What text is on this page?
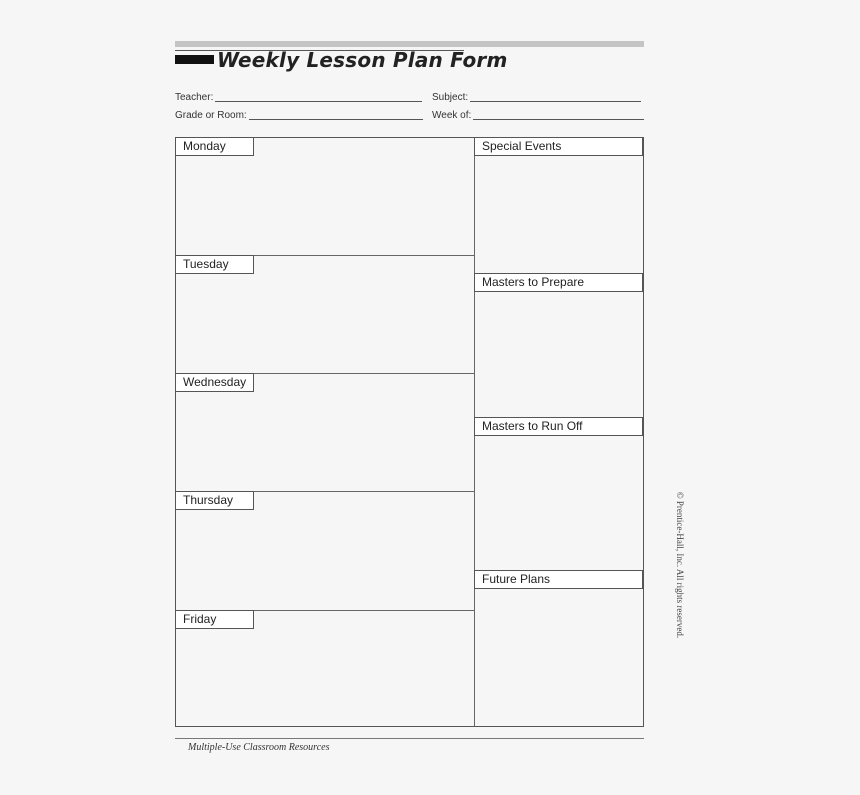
Weekly Lesson Plan Form
Teacher:	Subject:
Grade or Room:	Week of:
Monday
Tuesday
Wednesday
Thursday
Friday
Special Events
Masters to Prepare
Masters to Run Off
Future Plans	© Prentice-Hall, Inc. All rights reserved.
Multiple-Use Classroom Resources
